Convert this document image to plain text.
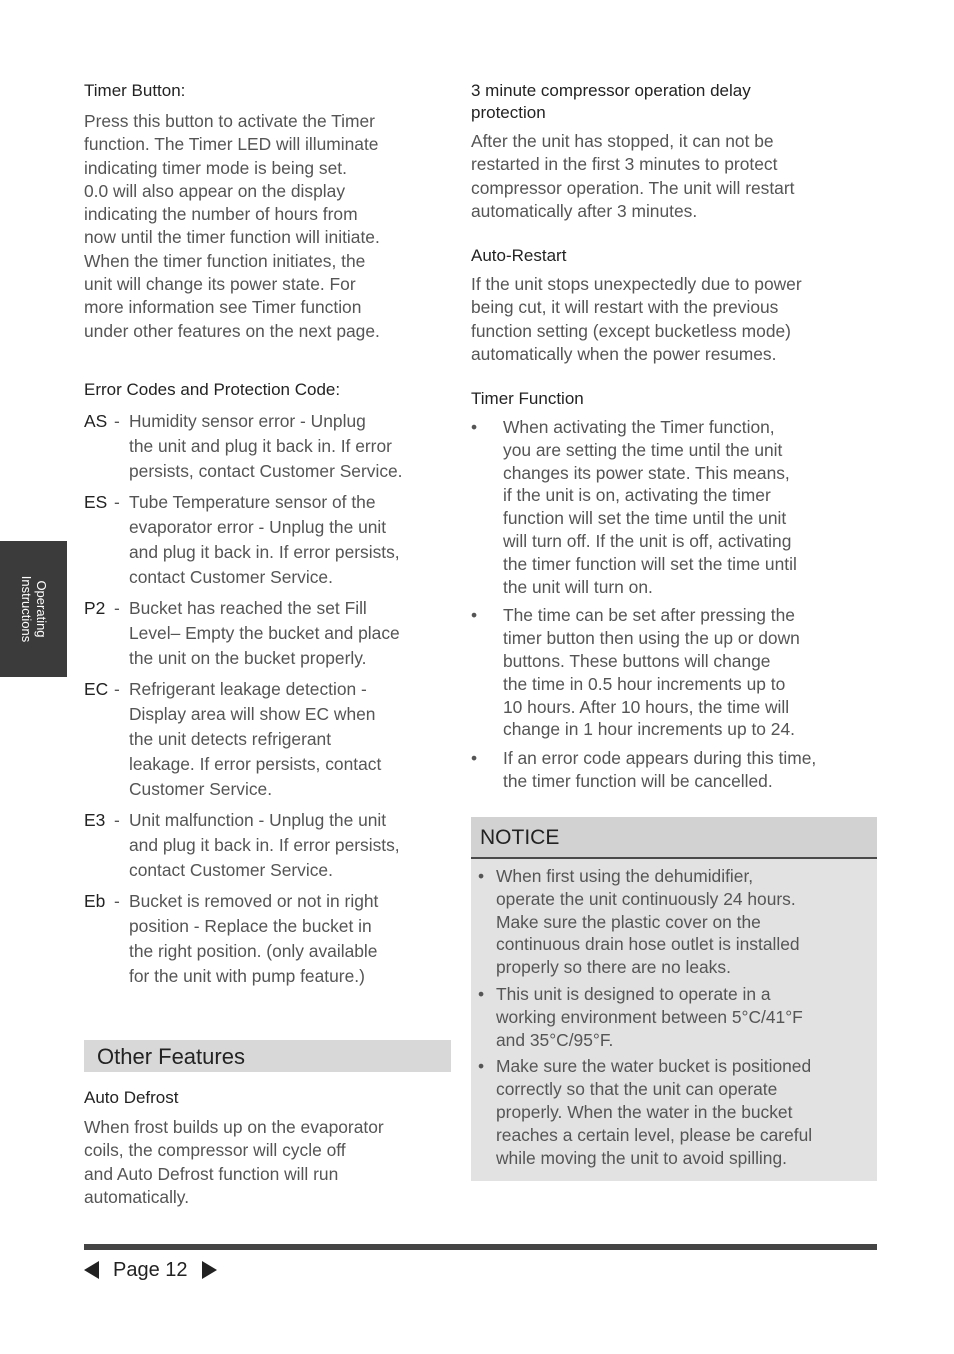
Operating
Instructions

Timer Button:

Press this button to activate the Timer
function. The Timer LED will illuminate
indicating timer mode is being set.
0.0 will also appear on the display
indicating the number of hours from
now until the timer function will initiate.
When the timer function initiates, the
unit will change its power state. For
more information see Timer function
under other features on the next page.

Error Codes and Protection Code:

AS - Humidity sensor error - Unplug
the unit and plug it back in. If error
persists, contact Customer Service.
ES - Tube Temperature sensor of the
evaporator error - Unplug the unit
and plug it back in. If error persists,
contact Customer Service.
P2 - Bucket has reached the set Fill
Level– Empty the bucket and place
the unit on the bucket properly.
EC - Refrigerant leakage detection -
Display area will show EC when
the unit detects refrigerant
leakage. If error persists, contact
Customer Service.
E3 - Unit malfunction - Unplug the unit
and plug it back in. If error persists,
contact Customer Service.
Eb - Bucket is removed or not in right
position - Replace the bucket in
the right position. (only available
for the unit with pump feature.)
Other Features

Auto Defrost

When frost builds up on the evaporator
coils, the compressor will cycle off
and Auto Defrost function will run
automatically.

3 minute compressor operation delay

protection

After the unit has stopped, it can not be
restarted in the first 3 minutes to protect
compressor operation. The unit will restart
automatically after 3 minutes.

Auto-Restart

If the unit stops unexpectedly due to power
being cut, it will restart with the previous
function setting (except bucketless mode)
automatically when the power resumes.

Timer Function

•	When activating the Timer function,
you are setting the time until the unit
changes its power state. This means,
if the unit is on, activating the timer
function will set the time until the unit
will turn off. If the unit is off, activating
the timer function will set the time until
the unit will turn on.
•	The time can be set after pressing the
timer button then using the up or down
buttons. These buttons will change
the time in 0.5 hour increments up to
10 hours. After 10 hours, the time will
change in 1 hour increments up to 24.
•	If an error code appears during this time,
the timer function will be cancelled.
NOTICE
• When first using the dehumidifier,
operate the unit continuously 24 hours.
Make sure the plastic cover on the
continuous drain hose outlet is installed
properly so there are no leaks.
• This unit is designed to operate in a
working environment between 5°C/41°F
and 35°C/95°F.
• Make sure the water bucket is positioned
correctly so that the unit can operate
properly. When the water in the bucket
reaches a certain level, please be careful
while moving the unit to avoid spilling.
Page 12
